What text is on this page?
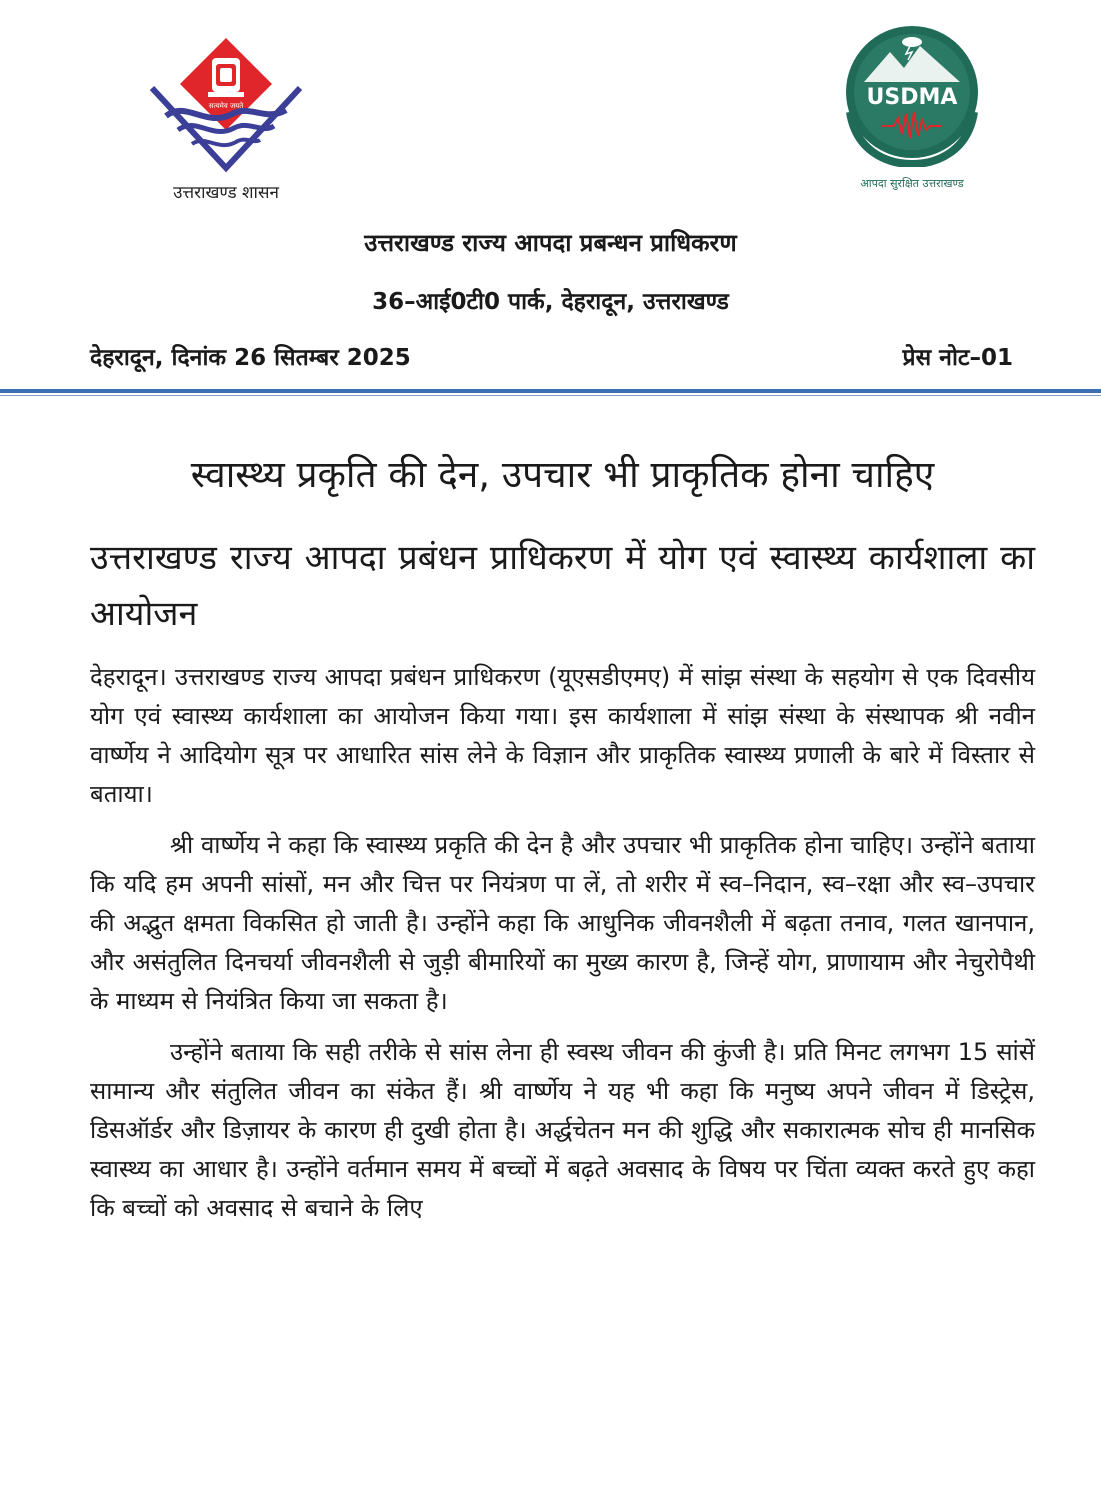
सत्यमेव जयते
उत्तराखण्ड शासन
USDMA
आपदा सुरक्षित उत्तराखण्ड
उत्तराखण्ड राज्य आपदा प्रबन्धन प्राधिकरण
36–आई0टी0 पार्क, देहरादून, उत्तराखण्ड
देहरादून, दिनांक 26 सितम्बर 2025	प्रेस नोट–01
स्वास्थ्य प्रकृति की देन, उपचार भी प्राकृतिक होना चाहिए
उत्तराखण्ड राज्य आपदा प्रबंधन प्राधिकरण में योग एवं स्वास्थ्य कार्यशाला का आयोजन

देहरादून। उत्तराखण्ड राज्य आपदा प्रबंधन प्राधिकरण (यूएसडीएमए) में सांझ संस्था के सहयोग से एक दिवसीय योग एवं स्वास्थ्य कार्यशाला का आयोजन किया गया। इस कार्यशाला में सांझ संस्था के संस्थापक श्री नवीन वार्ष्णेय ने आदियोग सूत्र पर आधारित सांस लेने के विज्ञान और प्राकृतिक स्वास्थ्य प्रणाली के बारे में विस्तार से बताया।

श्री वार्ष्णेय ने कहा कि स्वास्थ्य प्रकृति की देन है और उपचार भी प्राकृतिक होना चाहिए। उन्होंने बताया कि यदि हम अपनी सांसों, मन और चित्त पर नियंत्रण पा लें, तो शरीर में स्व–निदान, स्व–रक्षा और स्व–उपचार की अद्भुत क्षमता विकसित हो जाती है। उन्होंने कहा कि आधुनिक जीवनशैली में बढ़ता तनाव, गलत खानपान, और असंतुलित दिनचर्या जीवनशैली से जुड़ी बीमारियों का मुख्य कारण है, जिन्हें योग, प्राणायाम और नेचुरोपैथी के माध्यम से नियंत्रित किया जा सकता है।

उन्होंने बताया कि सही तरीके से सांस लेना ही स्वस्थ जीवन की कुंजी है। प्रति मिनट लगभग 15 सांसें सामान्य और संतुलित जीवन का संकेत हैं। श्री वार्ष्णेय ने यह भी कहा कि मनुष्य अपने जीवन में डिस्ट्रेस, डिसऑर्डर और डिज़ायर के कारण ही दुखी होता है। अर्द्धचेतन मन की शुद्धि और सकारात्मक सोच ही मानसिक स्वास्थ्य का आधार है। उन्होंने वर्तमान समय में बच्चों में बढ़ते अवसाद के विषय पर चिंता व्यक्त करते हुए कहा कि बच्चों को अवसाद से बचाने के लिए
